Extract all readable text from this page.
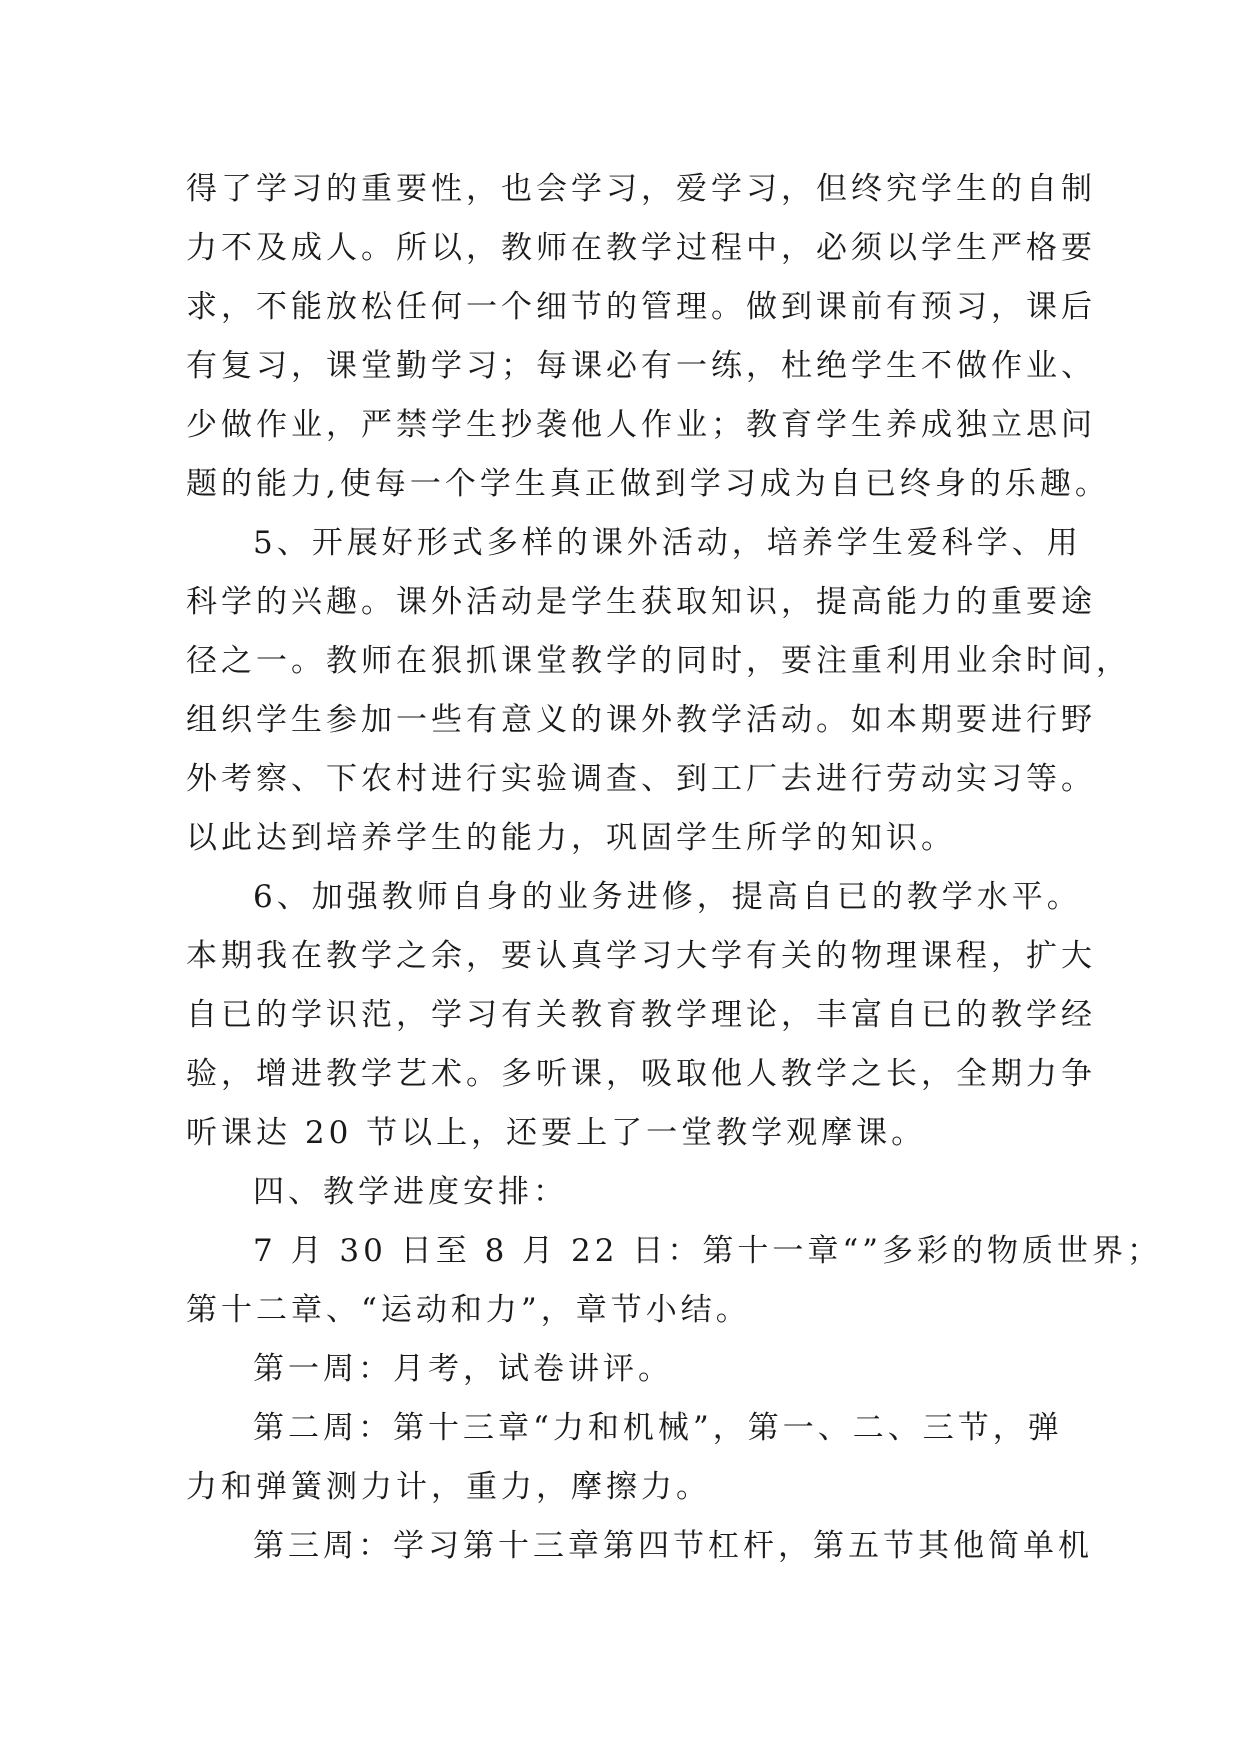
得了学习的重要性，也会学习，爱学习，但终究学生的自制
力不及成人。所以，教师在教学过程中，必须以学生严格要
求，不能放松任何一个细节的管理。做到课前有预习，课后
有复习，课堂勤学习；每课必有一练，杜绝学生不做作业、
少做作业，严禁学生抄袭他人作业；教育学生养成独立思问
题的能力,使每一个学生真正做到学习成为自已终身的乐趣。
5、开展好形式多样的课外活动，培养学生爱科学、用
科学的兴趣。课外活动是学生获取知识，提高能力的重要途
径之一。教师在狠抓课堂教学的同时，要注重利用业余时间，
组织学生参加一些有意义的课外教学活动。如本期要进行野
外考察、下农村进行实验调查、到工厂去进行劳动实习等。
以此达到培养学生的能力，巩固学生所学的知识。
6、加强教师自身的业务进修，提高自已的教学水平。
本期我在教学之余，要认真学习大学有关的物理课程，扩大
自已的学识范，学习有关教育教学理论，丰富自已的教学经
验，增进教学艺术。多听课，吸取他人教学之长，全期力争
听课达 20 节以上，还要上了一堂教学观摩课。
四、教学进度安排：
7 月 30 日至 8 月 22 日：第十一章“”多彩的物质世界；
第十二章、“运动和力”，章节小结。
第一周：月考，试卷讲评。
第二周：第十三章“力和机械”，第一、二、三节，弹
力和弹簧测力计，重力，摩擦力。
第三周：学习第十三章第四节杠杆，第五节其他简单机
